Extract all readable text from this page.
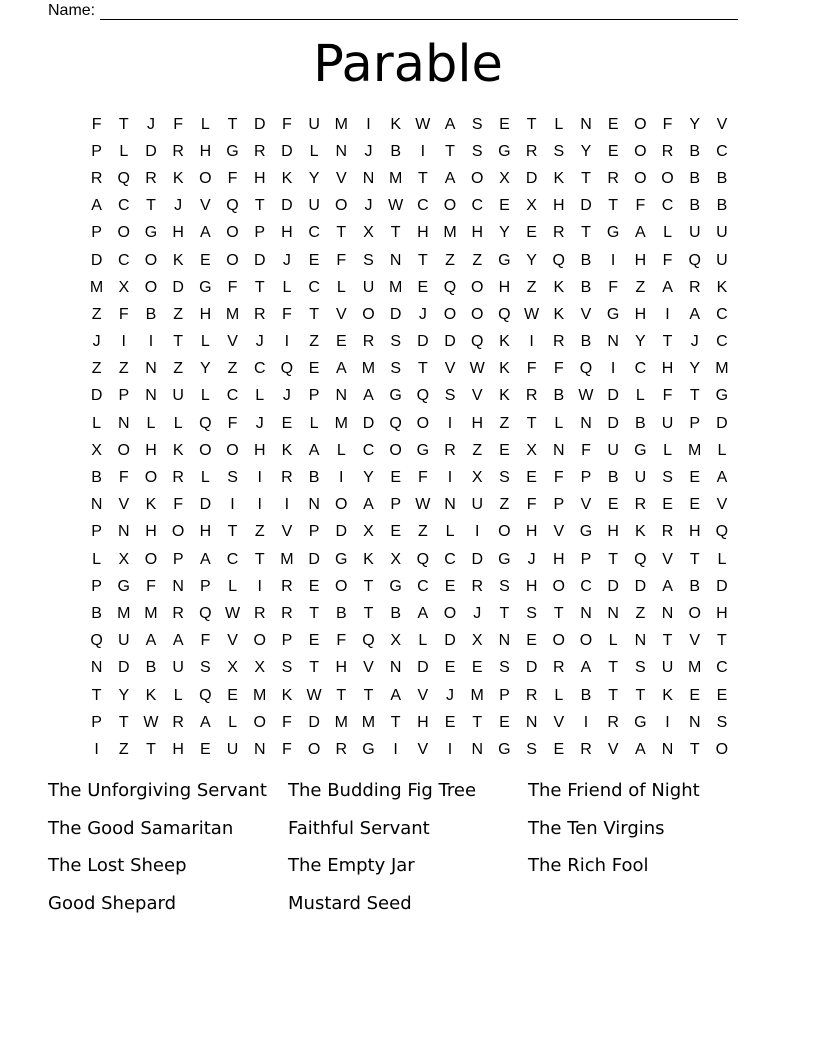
Name:
Parable
F	T	J	F	L	T	D	F	U M	I	K W A	S	E	T	L	N	E O	F	Y	V
P	L	D R H G R D	L	N	J	B	I	T	S G R	S	Y	E O R	B	C
R Q R	K O	F	H	K	Y	V	N M T	A O X	D	K	T	R O O B	B
A	C	T	J	V Q	T	D U O	J W C O C	E	X	H D	T	F	C	B	B
P O G H	A O P	H C	T	X	T	H M H	Y	E	R	T	G A	L	U U
D C O K	E O D	J	E	F	S	N	T	Z	Z	G Y Q B	I	H	F	Q U
M X O D G	F	T	L	C	L	U M E Q O H	Z	K	B	F	Z	A	R	K
Z	F	B	Z	H M R	F	T	V O D	J	O O Q W K	V G H	I	A	C
J	I	I	T	L	V	J	I	Z	E	R	S	D D Q K	I	R	B	N	Y	T	J	C
Z	Z	N	Z	Y	Z	C Q E	A M S	T	V W K	F	F	Q	I	C H	Y M
D	P	N U	L	C	L	J	P	N	A G Q S	V	K	R	B W D	L	F	T	G
L	N	L	L	Q	F	J	E	L	M D Q O	I	H	Z	T	L	N D	B	U	P	D
X O H	K O O H	K	A	L	C O G R	Z	E	X	N	F	U G	L	M	L
B	F	O R	L	S	I	R	B	I	Y	E	F	I	X	S	E	F	P	B	U	S	E	A
N	V	K	F	D	I	I	I	N O A	P W N U	Z	F	P	V	E	R	E	E	V
P	N H O H	T	Z	V	P	D	X	E	Z	L	I	O H	V G H	K	R H Q
L	X O P	A	C	T M D G K	X Q C D G	J	H	P	T	Q V	T	L
P G	F	N	P	L	I	R	E O	T	G C	E	R	S	H O C D D	A	B	D
B M M R Q W R R	T	B	T	B	A O	J	T	S	T	N N	Z	N O H
Q U	A	A	F	V O P	E	F	Q X	L	D	X	N	E O O	L	N	T	V	T
N D	B	U	S	X	X	S	T	H	V	N D	E	E	S	D R	A	T	S	U M C
T	Y	K	L	Q E M K W T	T	A	V	J	M P	R	L	B	T	T	K	E	E
P	T W R	A	L	O	F	D M M T	H	E	T	E	N	V	I	R G	I	N	S
I	Z	T	H	E	U N	F	O R G	I	V	I	N G S	E	R	V	A	N	T	O
The Unforgiving Servant	The Budding Fig Tree	The Friend of Night
The Good Samaritan	Faithful Servant	The Ten Virgins
The Lost Sheep	The Empty Jar	The Rich Fool
Good Shepard	Mustard Seed
